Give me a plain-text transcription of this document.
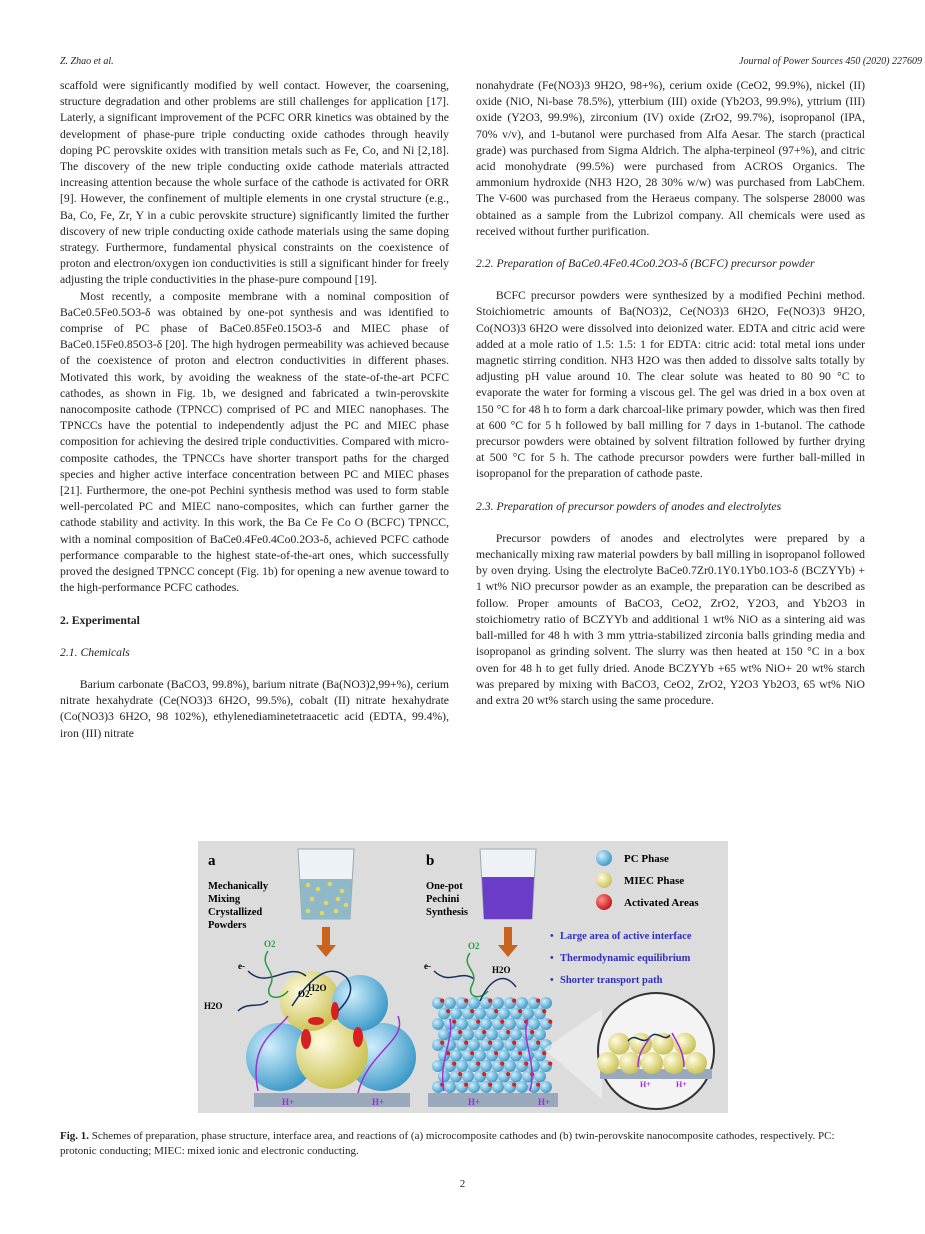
Z. Zhao et al.	Journal of Power Sources 450 (2020) 227609

scaffold were significantly modified by well contact. However, the coarsening, structure degradation and other problems are still challenges for application [17]. Laterly, a significant improvement of the PCFC ORR kinetics was obtained by the development of phase-pure triple conducting oxide cathodes through heavily doping PC perovskite oxides with transition metals such as Fe, Co, and Ni [2,18]. The discovery of the new triple conducting oxide cathode materials attracted increasing attention because the whole surface of the cathode is activated for ORR [9]. However, the confinement of multiple elements in one crystal structure (e.g., Ba, Co, Fe, Zr, Y in a cubic perovskite structure) significantly limited the further discovery of new triple conducting oxide cathode materials using the same doping strategy. Furthermore, fundamental physical constraints on the coexistence of proton and electron/oxygen ion conductivities is still a significant hinder for freely adjusting the triple conductivities in the phase-pure compound [19].

Most recently, a composite membrane with a nominal composition of BaCe0.5Fe0.5O3-δ was obtained by one-pot synthesis and was identified to comprise of PC phase of BaCe0.85Fe0.15O3-δ and MIEC phase of BaCe0.15Fe0.85O3-δ [20]. The high hydrogen permeability was achieved because of the coexistence of proton and electron conductivities in different phases. Motivated this work, by avoiding the weakness of the state-of-the-art PCFC cathodes, as shown in Fig. 1b, we designed and fabricated a twin-perovskite nanocomposite cathode (TPNCC) comprised of PC and MIEC nanophases. The TPNCCs have the potential to independently adjust the PC and MIEC phase composition for achieving the desired triple conductivities. Compared with micro-composite cathodes, the TPNCCs have shorter transport paths for the charged species and higher active interface concentration between PC and MIEC phases [21]. Furthermore, the one-pot Pechini synthesis method was used to form stable well-percolated PC and MIEC nano-composites, which can further garner the cathode stability and activity. In this work, the Ba Ce Fe Co O (BCFC) TPNCC, with a nominal composition of BaCe0.4Fe0.4Co0.2O3-δ, achieved PCFC cathode performance comparable to the highest state-of-the-art ones, which successfully proved the designed TPNCC concept (Fig. 1b) for opening a new avenue toward to the high-performance PCFC cathodes.

2. Experimental
2.1. Chemicals

Barium carbonate (BaCO3, 99.8%), barium nitrate (Ba(NO3)2,99+%), cerium nitrate hexahydrate (Ce(NO3)3 6H2O, 99.5%), cobalt (II) nitrate hexahydrate (Co(NO3)3 6H2O, 98 102%), ethylenediaminetetraacetic acid (EDTA, 99.4%), iron (III) nitrate

nonahydrate (Fe(NO3)3 9H2O, 98+%), cerium oxide (CeO2, 99.9%), nickel (II) oxide (NiO, Ni-base 78.5%), ytterbium (III) oxide (Yb2O3, 99.9%), yttrium (III) oxide (Y2O3, 99.9%), zirconium (IV) oxide (ZrO2, 99.7%), isopropanol (IPA, 70% v/v), and 1-butanol were purchased from Alfa Aesar. The starch (practical grade) was purchased from Sigma Aldrich. The alpha-terpineol (97+%), and citric acid monohydrate (99.5%) were purchased from ACROS Organics. The ammonium hydroxide (NH3 H2O, 28 30% w/w) was purchased from LabChem. The V-600 was purchased from the Heraeus company. The solsperse 28000 was obtained as a sample from the Lubrizol company. All chemicals were used as received without further purification.

2.2. Preparation of BaCe0.4Fe0.4Co0.2O3-δ (BCFC) precursor powder

BCFC precursor powders were synthesized by a modified Pechini method. Stoichiometric amounts of Ba(NO3)2, Ce(NO3)3 6H2O, Fe(NO3)3 9H2O, Co(NO3)3 6H2O were dissolved into deionized water. EDTA and citric acid were added at a mole ratio of 1.5: 1.5: 1 for EDTA: citric acid: total metal ions under magnetic stirring condition. NH3 H2O was then added to dissolve salts totally by adjusting pH value around 10. The clear solute was heated to 80 90 °C to evaporate the water for forming a viscous gel. The gel was dried in a box oven at 150 °C for 48 h to form a dark charcoal-like primary powder, which was then fired at 600 °C for 5 h followed by ball milling for 7 days in 1-butanol. The cathode precursor powders were obtained by solvent filtration followed by further drying at 500 °C for 5 h. The cathode precursor powders were further ball-milled in isopropanol for the preparation of cathode paste.

2.3. Preparation of precursor powders of anodes and electrolytes

Precursor powders of anodes and electrolytes were prepared by a mechanically mixing raw material powders by ball milling in isopropanol followed by oven drying. Using the electrolyte BaCe0.7Zr0.1Y0.1Yb0.1O3-δ (BCZYYb) + 1 wt% NiO precursor powder as an example, the preparation can be described as follow. Proper amounts of BaCO3, CeO2, ZrO2, Y2O3, and Yb2O3 in stoichiometry ratio of BCZYYb and additional 1 wt% NiO as a sintering aid was ball-milled for 48 h with 3 mm yttria-stabilized zirconia balls grinding media and isopropanol as grinding solvent. The slurry was then heated at 150 °C in a box oven for 48 h to get fully dried. Anode BCZYYb +65 wt% NiO+ 20 wt% starch was prepared by mixing with BaCO3, CeO2, ZrO2, Y2O3 Yb2O3, 65 wt% NiO and extra 20 wt% starch using the same procedure.

a	b
Mechanically
Mixing
Crystallized
Powders
One-pot
Pechini
Synthesis
PC Phase
MIEC Phase
Activated Areas
• Large area of active interface
• Thermodynamic equilibrium
• Shorter transport path
e-
O2
O2-
H2O
H2O
H+	H+
e-
O2
H2O
H+	H+
H+	H+
Fig. 1. Schemes of preparation, phase structure, interface area, and reactions of (a) microcomposite cathodes and (b) twin-perovskite nanocomposite cathodes, respectively. PC: protonic conducting; MIEC: mixed ionic and electronic conducting.
2
